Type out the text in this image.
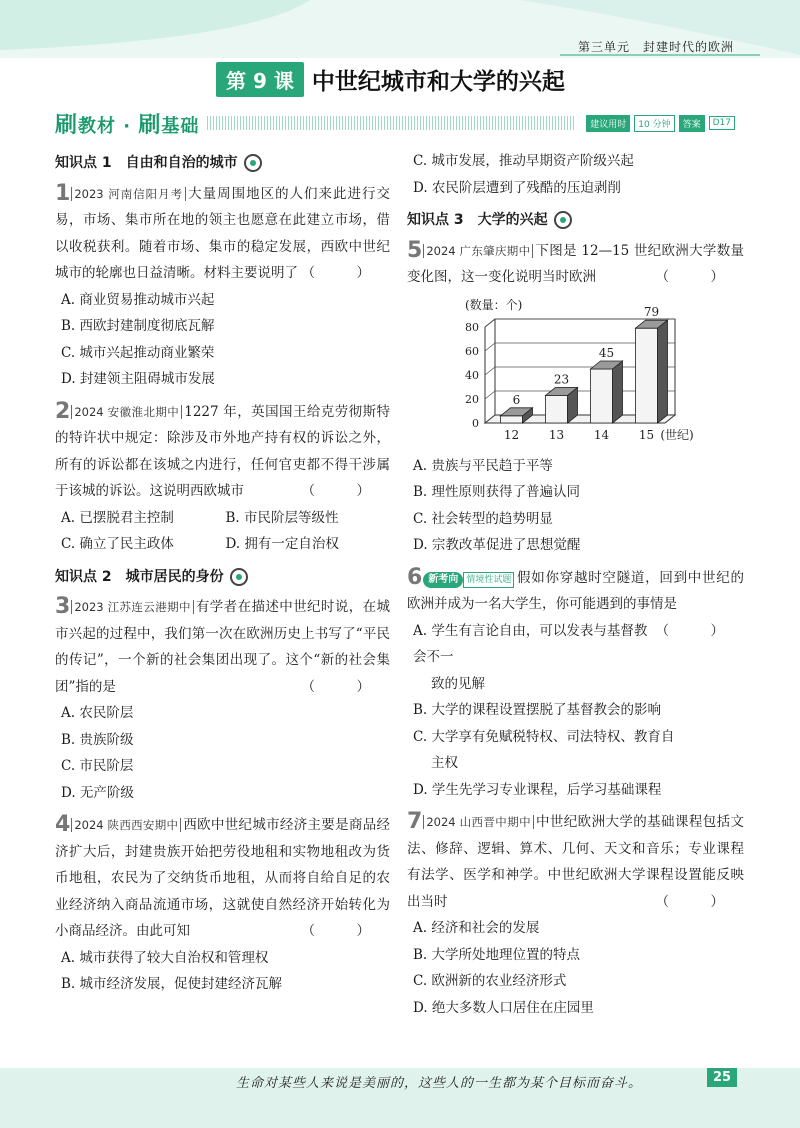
第三单元　封建时代的欧洲
第 9 课 中世纪城市和大学的兴起
刷教材 · 刷基础	建议用时	10 分钟	答案	D17
知识点 1　自由和自治的城市
1 2023 河南信阳月考 大量周围地区的人们来此进行交易，市场、集市所在地的领主也愿意在此建立市场，借以收税获利。随着市场、集市的稳定发展，西欧中世纪城市的轮廓也日益清晰。材料主要说明了 （　）
A. 商业贸易推动城市兴起
B. 西欧封建制度彻底瓦解
C. 城市兴起推动商业繁荣
D. 封建领主阻碍城市发展
2 2024 安徽淮北期中 1227 年，英国国王给克劳彻斯特的特许状中规定：除涉及市外地产持有权的诉讼之外，所有的诉讼都在该城之内进行，任何官吏都不得干涉属于该城的诉讼。这说明西欧城市	（　）
A. 已摆脱君主控制	B. 市民阶层等级性
C. 确立了民主政体	D. 拥有一定自治权
知识点 2　城市居民的身份
3 2023 江苏连云港期中 有学者在描述中世纪时说，在城市兴起的过程中，我们第一次在欧洲历史上书写了“平民的传记”，一个新的社会集团出现了。这个“新的社会集团”指的是	（　）
A. 农民阶层
B. 贵族阶级
C. 市民阶层
D. 无产阶级
4 2024 陕西西安期中 西欧中世纪城市经济主要是商品经济扩大后，封建贵族开始把劳役地租和实物地租改为货币地租，农民为了交纳货币地租，从而将自给自足的农业经济纳入商品流通市场，这就使自然经济开始转化为小商品经济。由此可知	（　）
A. 城市获得了较大自治权和管理权
B. 城市经济发展，促使封建经济瓦解
C. 城市发展，推动早期资产阶级兴起
D. 农民阶层遭到了残酷的压迫剥削
知识点 3　大学的兴起
5 2024 广东肇庆期中 下图是 12—15 世纪欧洲大学数量变化图，这一变化说明当时欧洲	（　）
(数量：个)
0
20
40
60
80
6
12
23
13
45
14
79
15 (世纪)
A. 贵族与平民趋于平等
B. 理性原则获得了普遍认同
C. 社会转型的趋势明显
D. 宗教改革促进了思想觉醒
6 新考向 情境性试题 假如你穿越时空隧道，回到中世纪的欧洲并成为一名大学生，你可能遇到的事情是
（　）
A. 学生有言论自由，可以发表与基督教会不一
致的见解
B. 大学的课程设置摆脱了基督教会的影响
C. 大学享有免赋税特权、司法特权、教育自
主权
D. 学生先学习专业课程，后学习基础课程
7 2024 山西晋中期中 中世纪欧洲大学的基础课程包括文法、修辞、逻辑、算术、几何、天文和音乐；专业课程有法学、医学和神学。中世纪欧洲大学课程设置能反映出当时	（　）
A. 经济和社会的发展
B. 大学所处地理位置的特点
C. 欧洲新的农业经济形式
D. 绝大多数人口居住在庄园里
生命对某些人来说是美丽的，这些人的一生都为某个目标而奋斗。	25
